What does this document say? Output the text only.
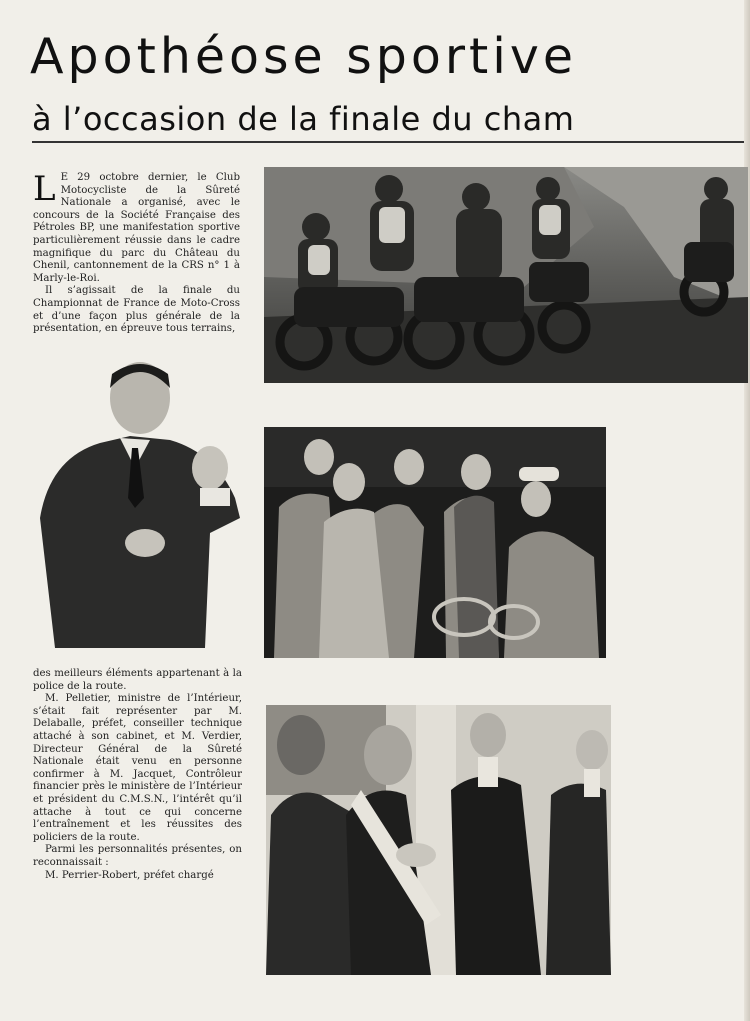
Apothéose sportive
à l’occasion de la finale du cham

L E 29 octobre dernier, le Club Motocycliste de la Sûreté Nationale a organisé, avec le concours de la Société Française des Pétroles BP, une manifestation sportive particulièrement réussie dans le cadre magnifique du parc du Château du Chenil, cantonnement de la CRS n° 1 à Marly-le-Roi.

Il s’agissait de la finale du Championnat de France de Moto-Cross et d’une façon plus générale de la présentation, en épreuve tous terrains,

des meilleurs éléments appartenant à la police de la route.

M. Pelletier, ministre de l’Intérieur, s’était fait représenter par M. Delaballe, préfet, conseiller technique attaché à son cabinet, et M. Verdier, Directeur Général de la Sûreté Nationale était venu en personne confirmer à M. Jacquet, Contrôleur financier près le ministère de l’Intérieur et président du C.M.S.N., l’intérêt qu’il attache à tout ce qui concerne l’entraînement et les réussites des policiers de la route.

Parmi les personnalités présentes, on reconnaissait :

M. Perrier-Robert, préfet chargé
